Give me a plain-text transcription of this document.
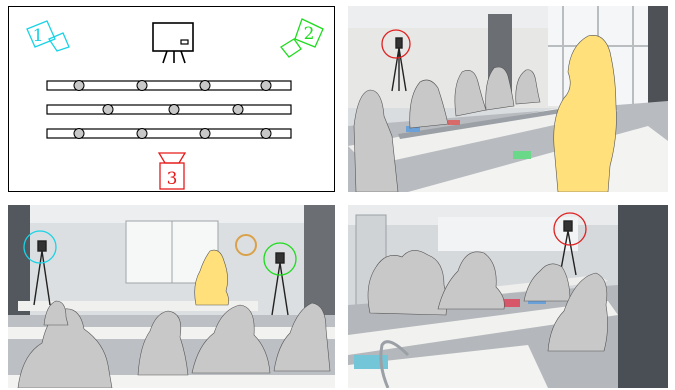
1	2
3
